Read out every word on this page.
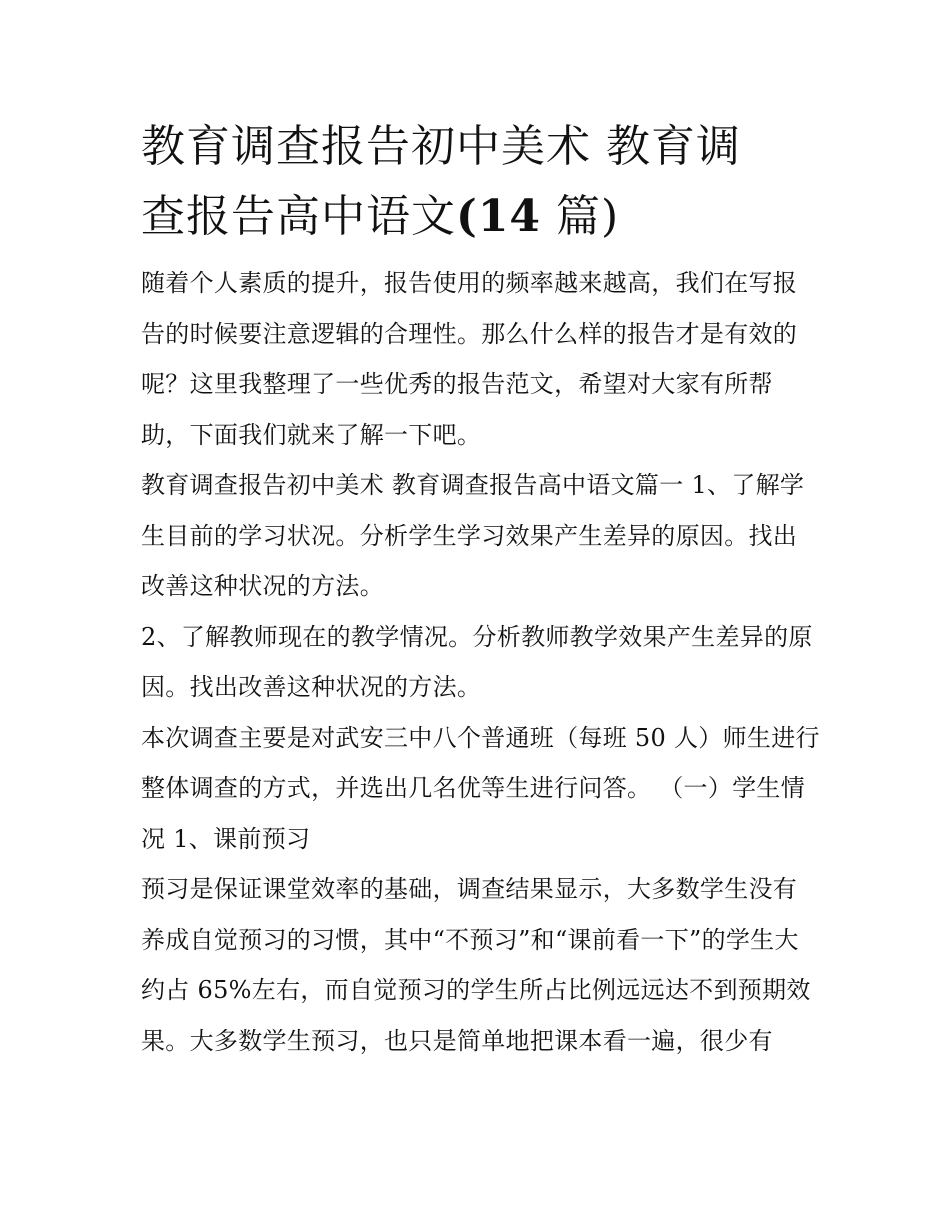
教育调查报告初中美术 教育调
查报告高中语文(14 篇)

随着个人素质的提升，报告使用的频率越来越高，我们在写报告的时候要注意逻辑的合理性。那么什么样的报告才是有效的呢？这里我整理了一些优秀的报告范文，希望对大家有所帮助，下面我们就来了解一下吧。

教育调查报告初中美术 教育调查报告高中语文篇一 1、了解学生目前的学习状况。分析学生学习效果产生差异的原因。找出改善这种状况的方法。

2、了解教师现在的教学情况。分析教师教学效果产生差异的原因。找出改善这种状况的方法。

本次调查主要是对武安三中八个普通班（每班 50 人）师生进行整体调查的方式，并选出几名优等生进行问答。 （一）学生情况 1、课前预习

预习是保证课堂效率的基础，调查结果显示，大多数学生没有养成自觉预习的习惯，其中“不预习”和“课前看一下”的学生大约占 65%左右，而自觉预习的学生所占比例远远达不到预期效果。大多数学生预习，也只是简单地把课本看一遍，很少有
